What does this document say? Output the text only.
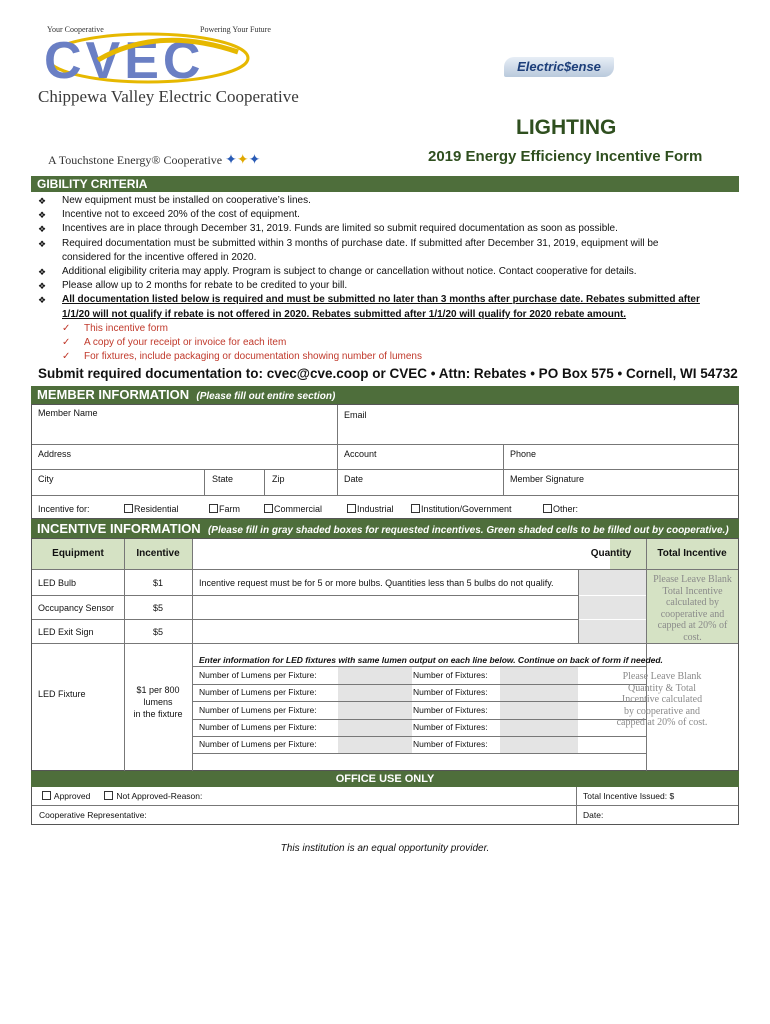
Your Cooperative	Powering Your Future
CVEC
Chippewa Valley Electric Cooperative
A Touchstone Energy® Cooperative ✦✦✦
Electric$ense
LIGHTING
2019 Energy Efficiency Incentive Form
GIBILITY CRITERIA
❖	New equipment must be installed on cooperative’s lines.
❖	Incentive not to exceed 20% of the cost of equipment.
❖	Incentives are in place through December 31, 2019. Funds are limited so submit required documentation as soon as possible.
❖	Required documentation must be submitted within 3 months of purchase date. If submitted after December 31, 2019, equipment will be
considered for the incentive offered in 2020.
❖	Additional eligibility criteria may apply. Program is subject to change or cancellation without notice. Contact cooperative for details.
❖	Please allow up to 2 months for rebate to be credited to your bill.
❖	All documentation listed below is required and must be submitted no later than 3 months after purchase date. Rebates submitted after
1/1/20 will not qualify if rebate is not offered in 2020. Rebates submitted after 1/1/20 will qualify for 2020 rebate amount.
✓	This incentive form
✓	A copy of your receipt or invoice for each item
✓	For fixtures, include packaging or documentation showing number of lumens
Submit required documentation to: cvec@cve.coop or CVEC • Attn: Rebates • PO Box 575 • Cornell, WI 54732
MEMBER INFORMATION (Please fill out entire section)
Member Name	Email
Address	Account	Phone
City	State	Zip	Date	Member Signature
Incentive for:	Residential	Farm	Commercial	Industrial	Institution/Government	Other:
INCENTIVE INFORMATION (Please fill in gray shaded boxes for requested incentives. Green shaded cells to be filled out by cooperative.)
Equipment	Incentive	Quantity	Total Incentive
LED Bulb	$1	Incentive request must be for 5 or more bulbs. Quantities less than 5 bulbs do not qualify.
Occupancy Sensor	$5
LED Exit Sign	$5
Please Leave Blank
Total Incentive
calculated by
cooperative and
capped at 20% of
cost.
LED Fixture	$1 per 800
lumens
in the fixture
Enter information for LED fixtures with same lumen output on each line below. Continue on back of form if needed.
Number of Lumens per Fixture:	Number of Fixtures:
Number of Lumens per Fixture:	Number of Fixtures:
Number of Lumens per Fixture:	Number of Fixtures:
Number of Lumens per Fixture:	Number of Fixtures:
Number of Lumens per Fixture:	Number of Fixtures:
Please Leave Blank
Quantity & Total
Incentive calculated
by cooperative and
capped at 20% of cost.
OFFICE USE ONLY
Approved	Not Approved-Reason:	Total Incentive Issued: $
Cooperative Representative:	Date:
This institution is an equal opportunity provider.
